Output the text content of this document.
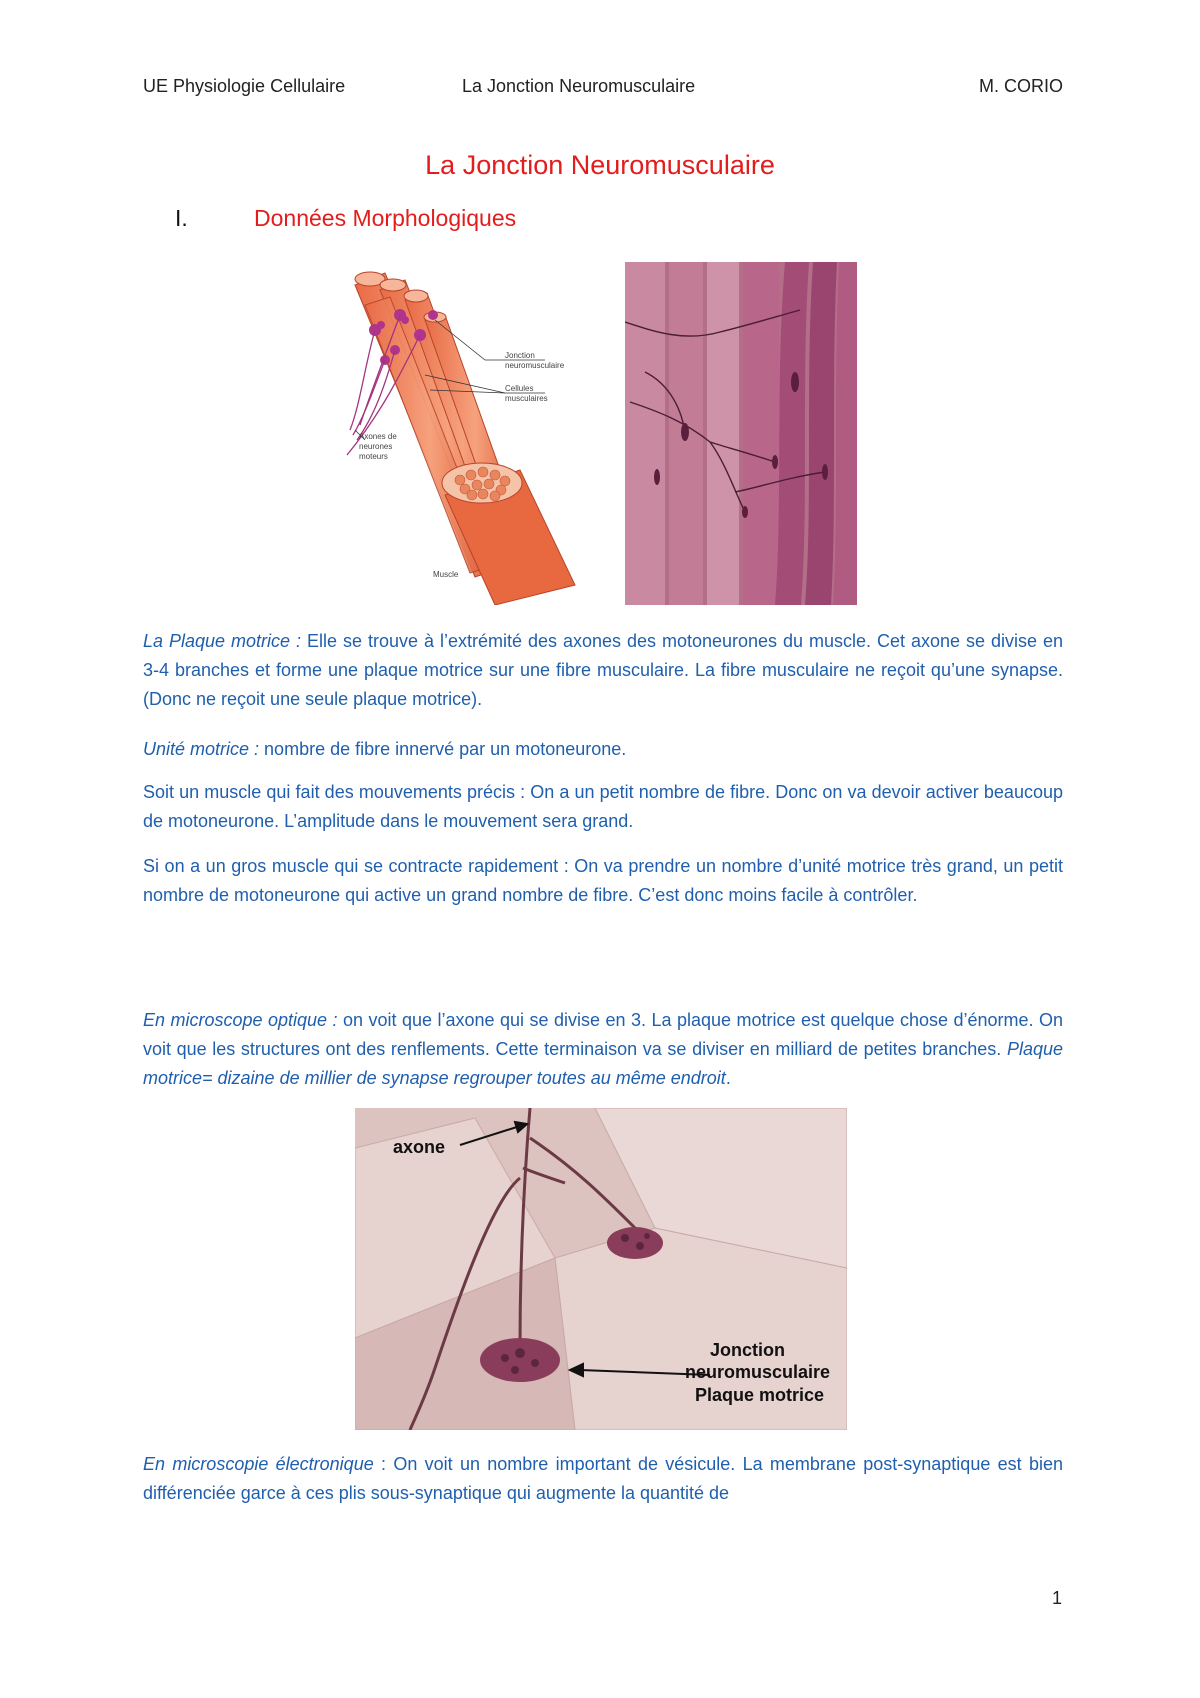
UE Physiologie Cellulaire	La Jonction Neuromusculaire	M. CORIO
La Jonction Neuromusculaire
I.	Données Morphologiques
Jonction
neuromusculaire
Cellules
musculaires
Axones de
neurones
moteurs
Muscle
La Plaque motrice : Elle se trouve à l’extrémité des axones des motoneurones du muscle. Cet axone se divise en 3-4 branches et forme une plaque motrice sur une fibre musculaire. La fibre musculaire ne reçoit qu’une synapse. (Donc ne reçoit une seule plaque motrice).
Unité motrice : nombre de fibre innervé par un motoneurone.
Soit un muscle qui fait des mouvements précis : On a un petit nombre de fibre. Donc on va devoir activer beaucoup de motoneurone. L’amplitude dans le mouvement sera grand.
Si on a un gros muscle qui se contracte rapidement : On va prendre un nombre d’unité motrice très grand, un petit nombre de motoneurone qui active un grand nombre de fibre. C’est donc moins facile à contrôler.
En microscope optique : on voit que l’axone qui se divise en 3. La plaque motrice est quelque chose d’énorme. On voit que les structures ont des renflements. Cette terminaison va se diviser en milliard de petites branches. Plaque motrice= dizaine de millier de synapse regrouper toutes au même endroit.
axone
Jonction
neuromusculaire
Plaque motrice
En microscopie électronique : On voit un nombre important de vésicule. La membrane post-synaptique est bien différenciée garce à ces plis sous-synaptique qui augmente la quantité de
1
